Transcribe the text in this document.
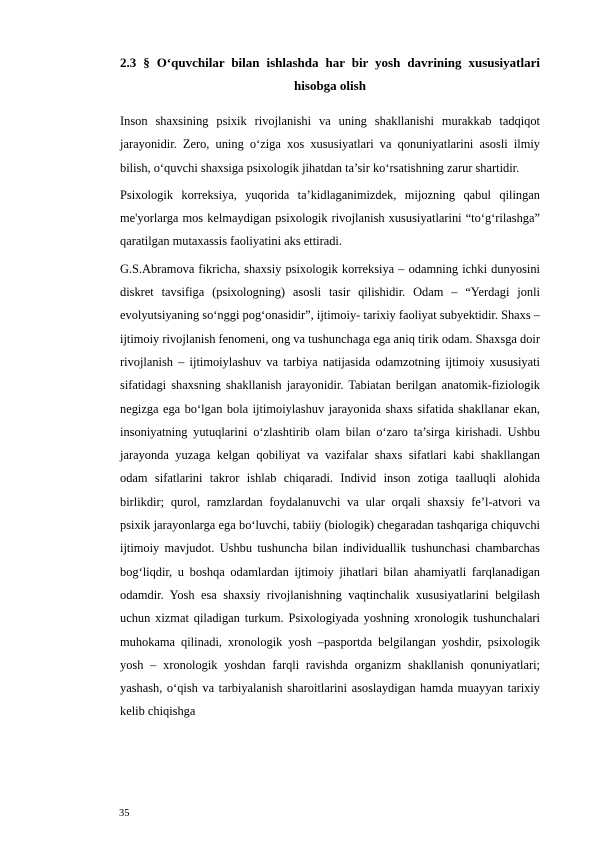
2.3 § O‘quvchilar bilan ishlashda har bir yosh davrining xususiyatlari
hisobga olish

Inson shaxsining psixik rivojlanishi va uning shakllanishi murakkab tadqiqot jarayonidir. Zero, uning o‘ziga xos xususiyatlari va qonuniyatlarini asosli ilmiy bilish, o‘quvchi shaxsiga psixologik jihatdan ta’sir ko‘rsatishning zarur shartidir.

Psixologik korreksiya, yuqorida ta’kidlaganimizdek, mijozning qabul qilingan me'yorlarga mos kelmaydigan psixologik rivojlanish xususiyatlarini “to‘g‘rilashga” qaratilgan mutaxassis faoliyatini aks ettiradi.

G.S.Abramova fikricha, shaxsiy psixologik korreksiya – odamning ichki dunyosini diskret tavsifiga (psixologning) asosli tasir qilishidir. Odam – “Yerdagi jonli evolyutsiyaning so‘nggi pog‘onasidir”, ijtimoiy- tarixiy faoliyat subyektidir. Shaxs – ijtimoiy rivojlanish fenomeni, ong va tushunchaga ega aniq tirik odam. Shaxsga doir rivojlanish – ijtimoiylashuv va tarbiya natijasida odamzotning ijtimoiy xususiyati sifatidagi shaxsning shakllanish jarayonidir. Tabiatan berilgan anatomik-fiziologik negizga ega bo‘lgan bola ijtimoiylashuv jarayonida shaxs sifatida shakllanar ekan, insoniyatning yutuqlarini o‘zlashtirib olam bilan o‘zaro ta’sirga kirishadi. Ushbu jarayonda yuzaga kelgan qobiliyat va vazifalar shaxs sifatlari kabi shakllangan odam sifatlarini takror ishlab chiqaradi. Individ inson zotiga taalluqli alohida birlikdir; qurol, ramzlardan foydalanuvchi va ular orqali shaxsiy fe’l-atvori va psixik jarayonlarga ega bo‘luvchi, tabiiy (biologik) chegaradan tashqariga chiquvchi ijtimoiy mavjudot. Ushbu tushuncha bilan individuallik tushunchasi chambarchas bog‘liqdir, u boshqa odamlardan ijtimoiy jihatlari bilan ahamiyatli farqlanadigan odamdir. Yosh esa shaxsiy rivojlanishning vaqtinchalik xususiyatlarini belgilash uchun xizmat qiladigan turkum. Psixologiyada yoshning xronologik tushunchalari muhokama qilinadi, xronologik yosh –pasportda belgilangan yoshdir, psixologik yosh – xronologik yoshdan farqli ravishda organizm shakllanish qonuniyatlari; yashash, o‘qish va tarbiyalanish sharoitlarini asoslaydigan hamda muayyan tarixiy kelib chiqishga

35
